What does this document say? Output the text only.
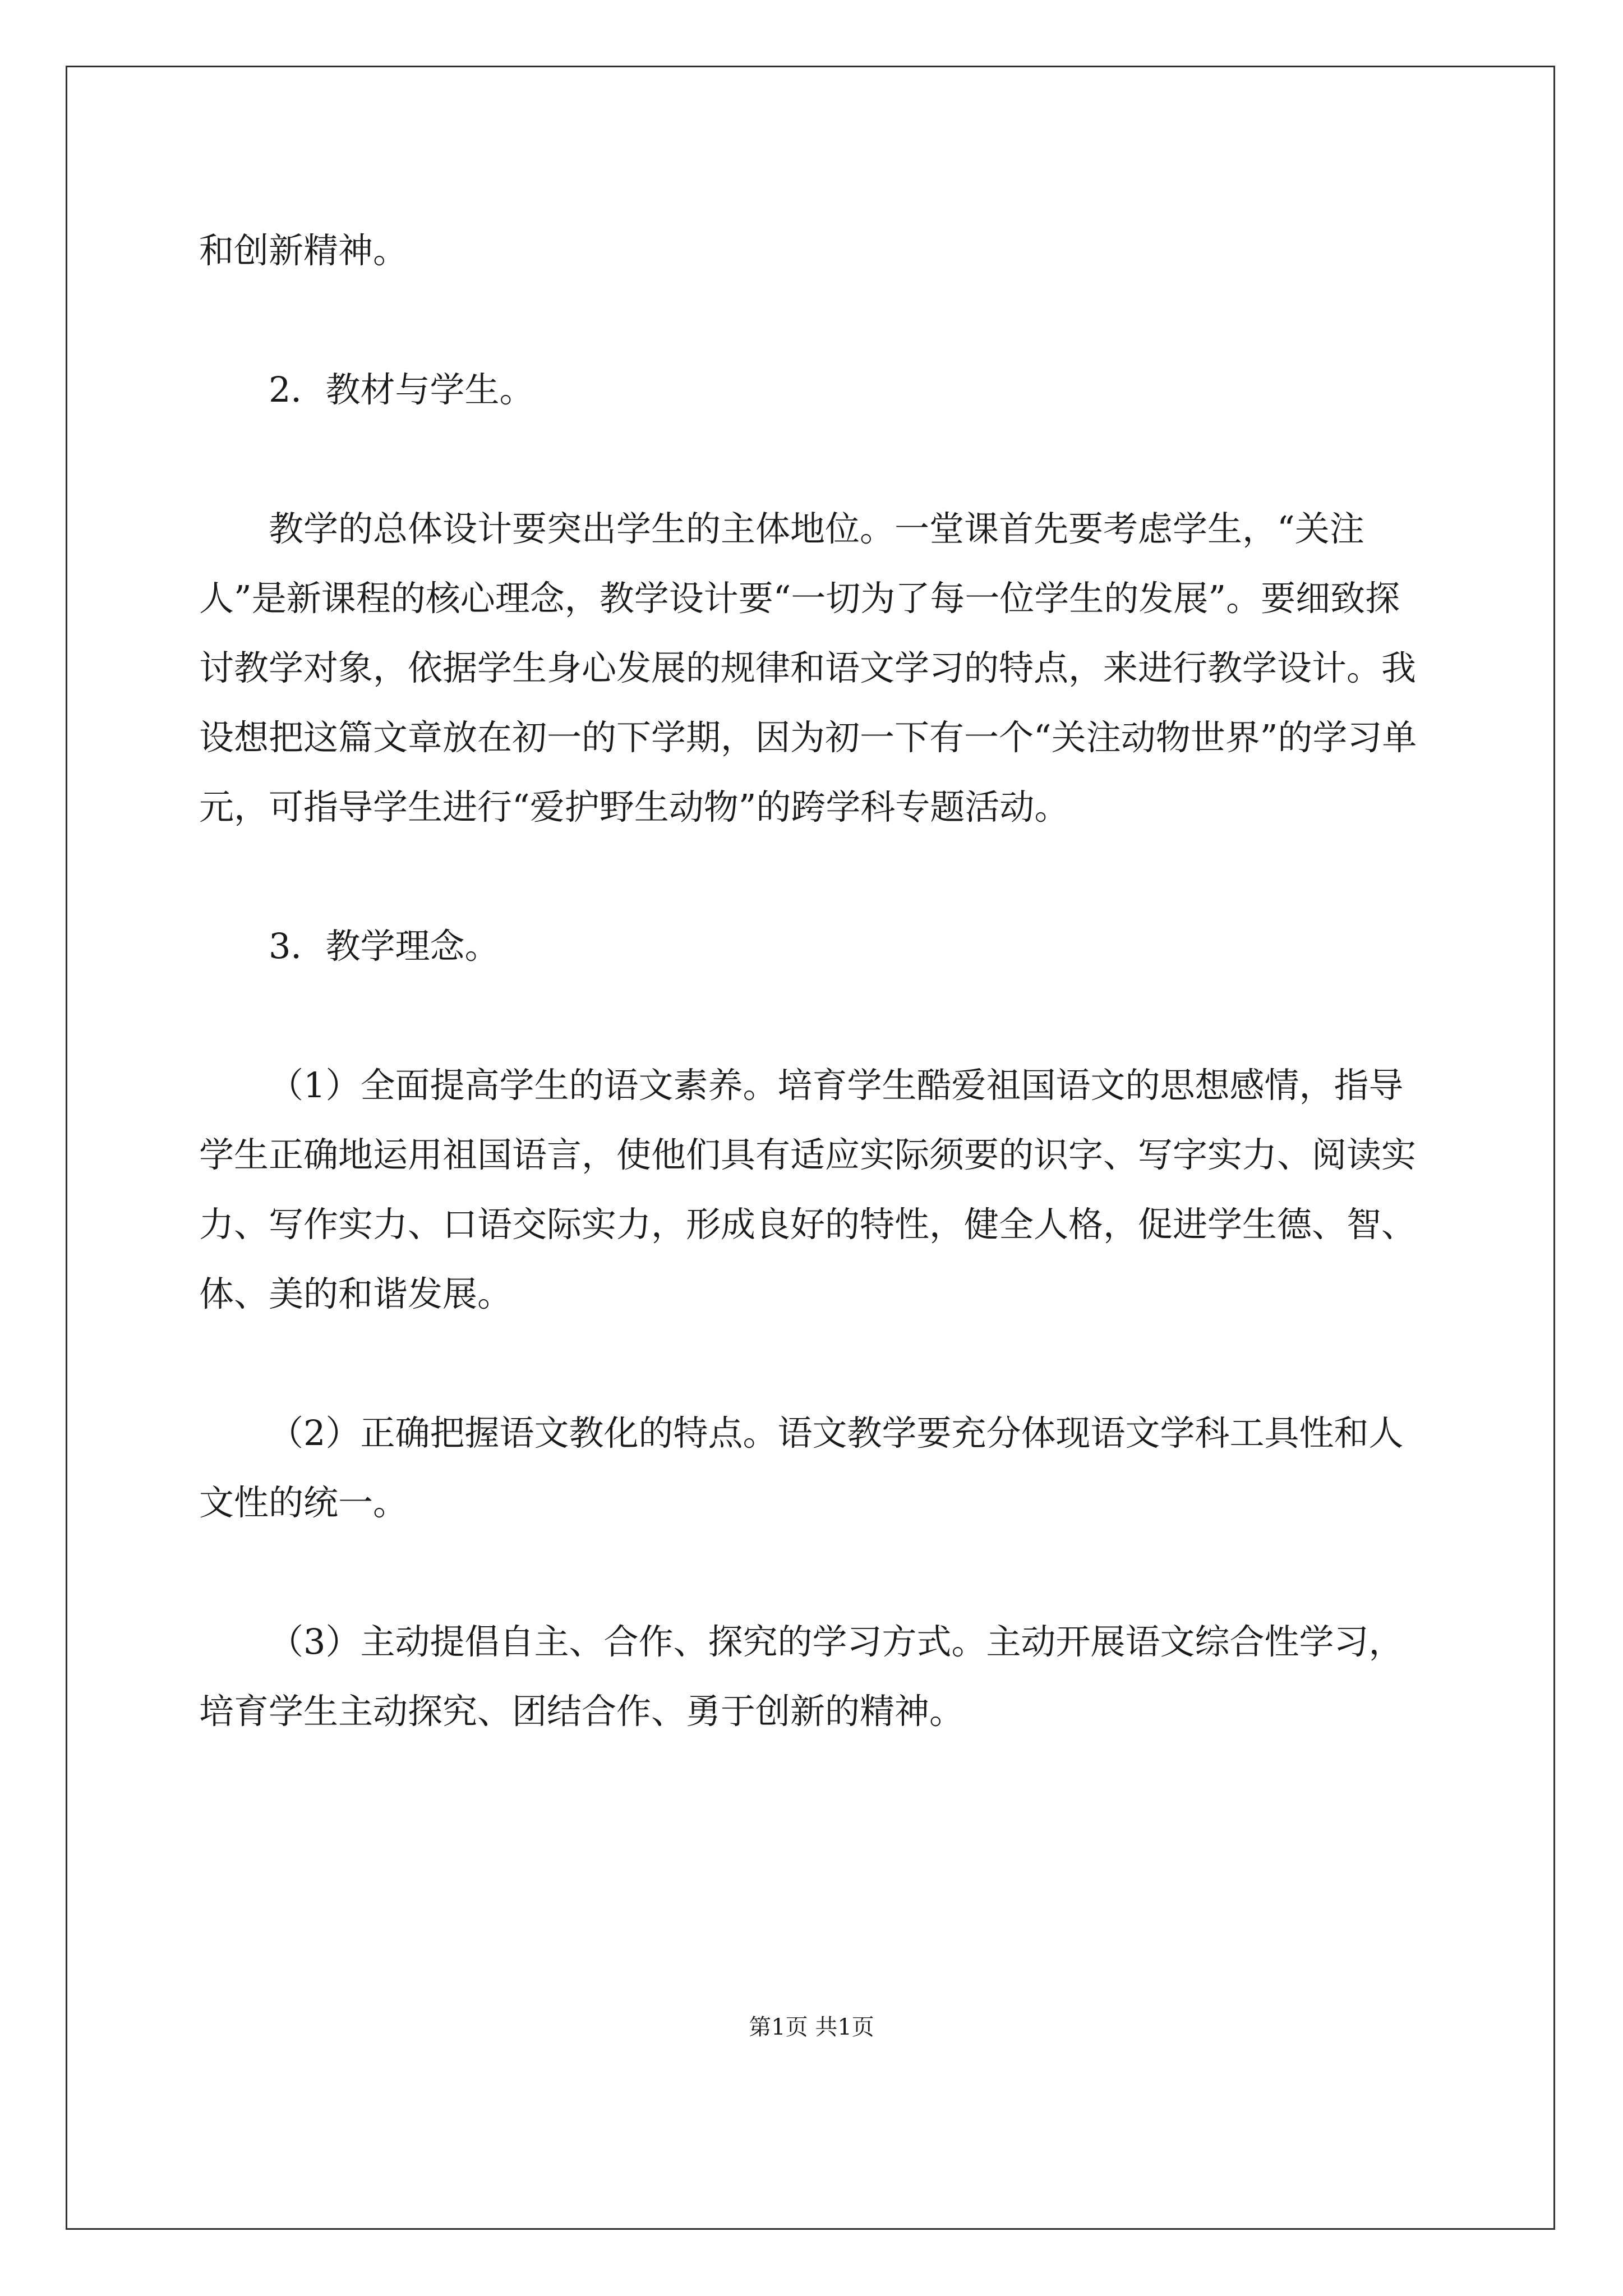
和创新精神。

2．教材与学生。

教学的总体设计要突出学生的主体地位。一堂课首先要考虑学生，“关注 人”是新课程的核心理念，教学设计要“一切为了每一位学生的发展”。要细致探讨教学对象，依据学生身心发展的规律和语文学习的特点，来进行教学设计。我设想把这篇文章放在初一的下学期，因为初一下有一个“关注动物世界”的学习单元，可指导学生进行“爱护野生动物”的跨学科专题活动。

3．教学理念。

（1）全面提高学生的语文素养。培育学生酷爱祖国语文的思想感情，指导学生正确地运用祖国语言，使他们具有适应实际须要的识字、写字实力、阅读实力、写作实力、口语交际实力，形成良好的特性，健全人格，促进学生德、智、体、美的和谐发展。

（2）正确把握语文教化的特点。语文教学要充分体现语文学科工具性和人文性的统一。

（3）主动提倡自主、合作、探究的学习方式。主动开展语文综合性学习，培育学生主动探究、团结合作、勇于创新的精神。

第1页 共1页
